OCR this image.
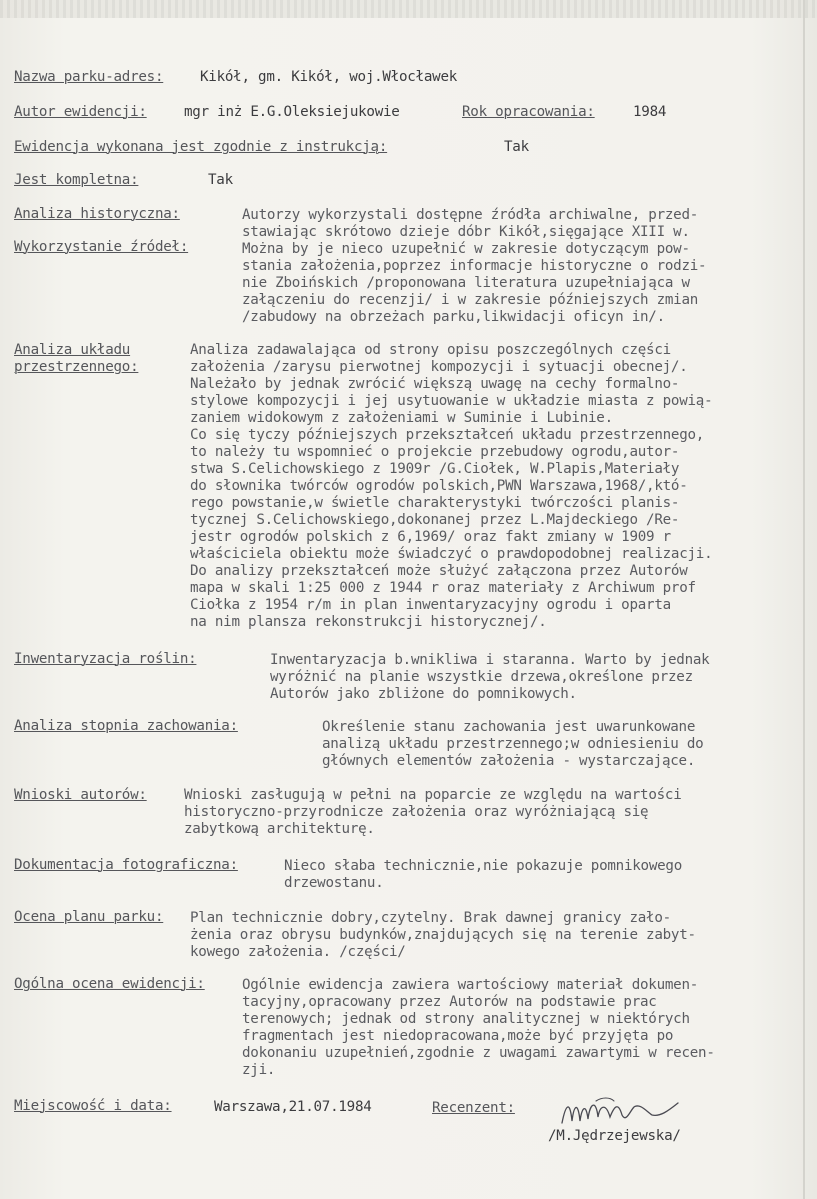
Nazwa parku-adres:	Kikół, gm. Kikół, woj.Włocławek
Autor ewidencji:	mgr inż E.G.Oleksiejukowie	Rok opracowania:	1984
Ewidencja wykonana jest zgodnie z instrukcją:	Tak
Jest kompletna:	Tak
Analiza historyczna:
Wykorzystanie źródeł:
Autorzy wykorzystali dostępne źródła archiwalne, przed-
stawiając skrótowo dzieje dóbr Kikół,sięgające XIII w.
Można by je nieco uzupełnić w zakresie dotyczącym pow-
stania założenia,poprzez informacje historyczne o rodzi-
nie Zboińskich /proponowana literatura uzupełniająca w
załączeniu do recenzji/ i w zakresie późniejszych zmian
/zabudowy na obrzeżach parku,likwidacji oficyn in/.
Analiza układu
przestrzennego:
Analiza zadawalająca od strony opisu poszczególnych części
założenia /zarysu pierwotnej kompozycji i sytuacji obecnej/.
Należało by jednak zwrócić większą uwagę na cechy formalno-
stylowe kompozycji i jej usytuowanie w układzie miasta z powią-
zaniem widokowym z założeniami w Suminie i Lubinie.
Co się tyczy późniejszych przekształceń układu przestrzennego,
to należy tu wspomnieć o projekcie przebudowy ogrodu,autor-
stwa S.Celichowskiego z 1909r /G.Ciołek, W.Plapis,Materiały
do słownika twórców ogrodów polskich,PWN Warszawa,1968/,któ-
rego powstanie,w świetle charakterystyki twórczości planis-
tycznej S.Celichowskiego,dokonanej przez L.Majdeckiego /Re-
jestr ogrodów polskich z 6,1969/ oraz fakt zmiany w 1909 r
właściciela obiektu może świadczyć o prawdopodobnej realizacji.
Do analizy przekształceń może służyć załączona przez Autorów
mapa w skali 1:25 000 z 1944 r oraz materiały z Archiwum prof
Ciołka z 1954 r/m in plan inwentaryzacyjny ogrodu i oparta
na nim plansza rekonstrukcji historycznej/.
Inwentaryzacja roślin:	Inwentaryzacja b.wnikliwa i staranna. Warto by jednak
wyróżnić na planie wszystkie drzewa,określone przez
Autorów jako zbliżone do pomnikowych.
Analiza stopnia zachowania:	Określenie stanu zachowania jest uwarunkowane
analizą układu przestrzennego;w odniesieniu do
głównych elementów założenia - wystarczające.
Wnioski autorów:	Wnioski zasługują w pełni na poparcie ze względu na wartości
historyczno-przyrodnicze założenia oraz wyróżniającą się
zabytkową architekturę.
Dokumentacja fotograficzna:	Nieco słaba technicznie,nie pokazuje pomnikowego
drzewostanu.
Ocena planu parku: Plan technicznie dobry,czytelny. Brak dawnej granicy zało-
żenia oraz obrysu budynków,znajdujących się na terenie zabyt-
kowego założenia. /części/
Ogólna ocena ewidencji:	Ogólnie ewidencja zawiera wartościowy materiał dokumen-
tacyjny,opracowany przez Autorów na podstawie prac
terenowych; jednak od strony analitycznej w niektórych
fragmentach jest niedopracowana,może być przyjęta po
dokonaniu uzupełnień,zgodnie z uwagami zawartymi w recen-
zji.
Miejscowość i data:	Warszawa,21.07.1984	Recenzent:
/M.Jędrzejewska/
